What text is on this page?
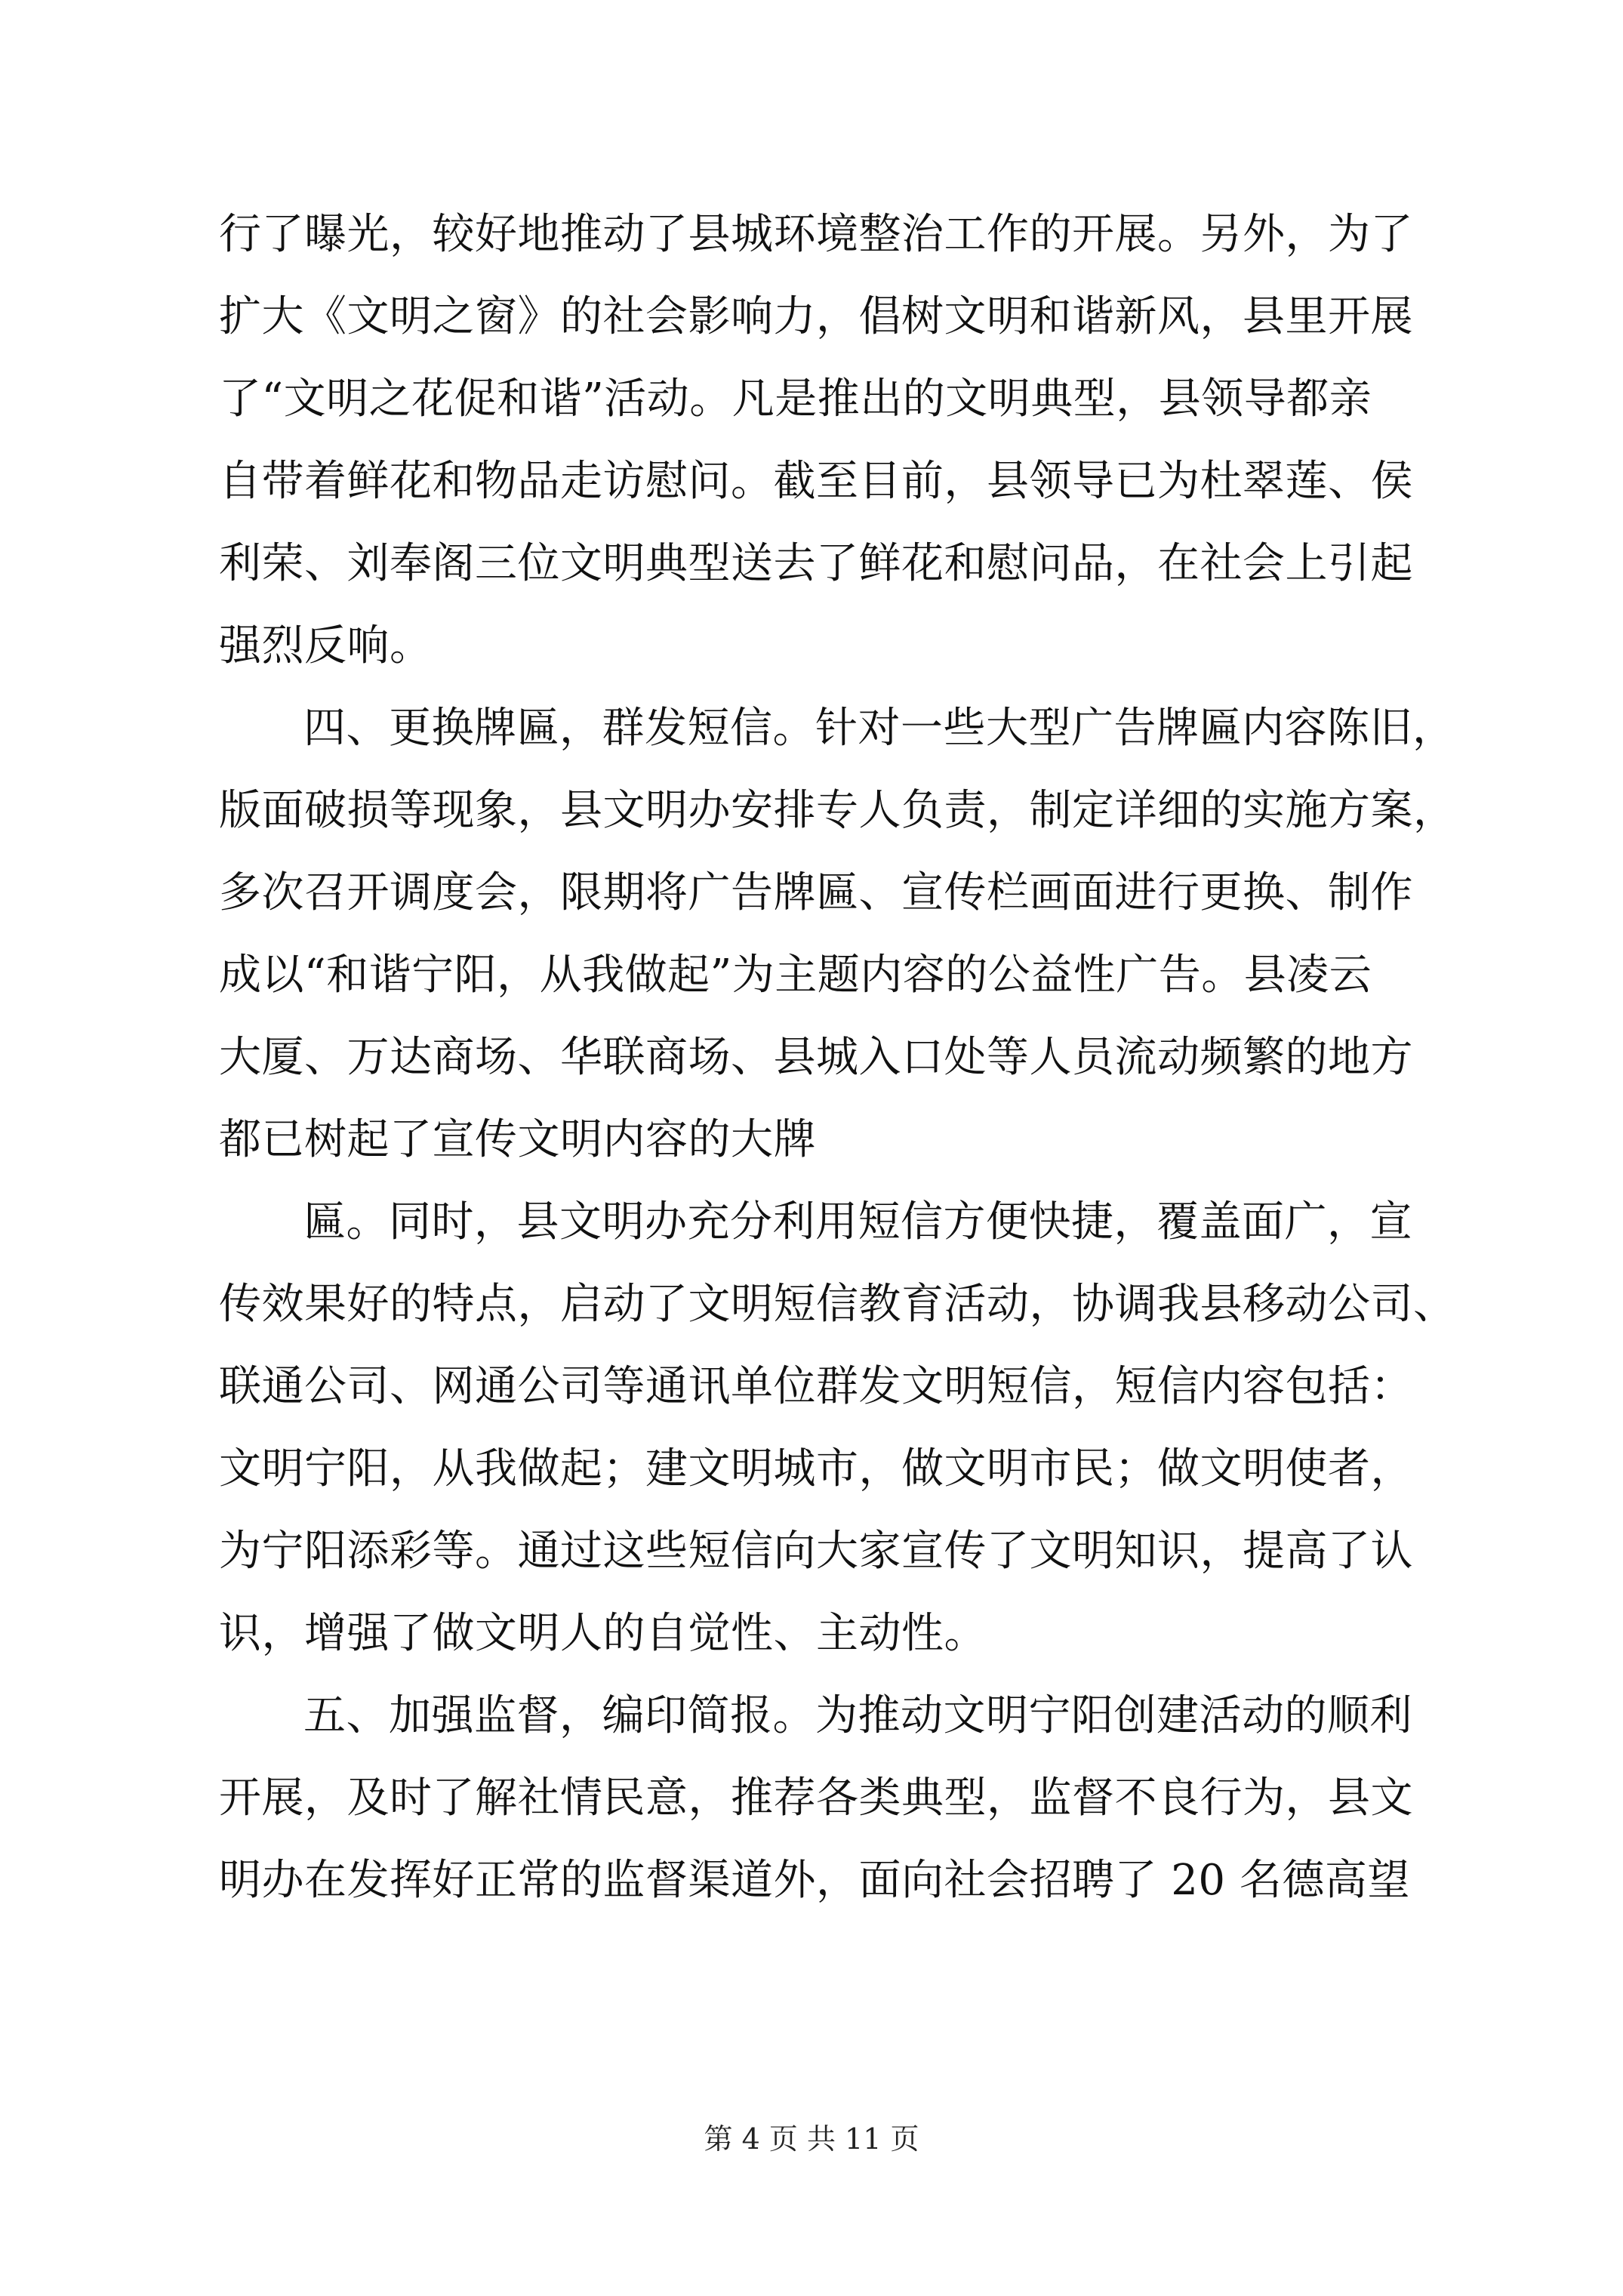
行了曝光，较好地推动了县城环境整治工作的开展。另外，为了
扩大《文明之窗》的社会影响力，倡树文明和谐新风，县里开展
了“文明之花促和谐”活动。凡是推出的文明典型，县领导都亲
自带着鲜花和物品走访慰问。截至目前，县领导已为杜翠莲、侯
利荣、刘奉阁三位文明典型送去了鲜花和慰问品，在社会上引起
强烈反响。
四、更换牌匾，群发短信。针对一些大型广告牌匾内容陈旧，
版面破损等现象，县文明办安排专人负责，制定详细的实施方案，
多次召开调度会，限期将广告牌匾、宣传栏画面进行更换、制作
成以“和谐宁阳，从我做起”为主题内容的公益性广告。县凌云
大厦、万达商场、华联商场、县城入口处等人员流动频繁的地方
都已树起了宣传文明内容的大牌
匾。同时，县文明办充分利用短信方便快捷，覆盖面广，宣
传效果好的特点，启动了文明短信教育活动，协调我县移动公司、
联通公司、网通公司等通讯单位群发文明短信，短信内容包括：
文明宁阳，从我做起；建文明城市，做文明市民；做文明使者，
为宁阳添彩等。通过这些短信向大家宣传了文明知识，提高了认
识，增强了做文明人的自觉性、主动性。
五、加强监督，编印简报。为推动文明宁阳创建活动的顺利
开展，及时了解社情民意，推荐各类典型，监督不良行为，县文
明办在发挥好正常的监督渠道外，面向社会招聘了 20 名德高望
第 4 页 共 11 页
